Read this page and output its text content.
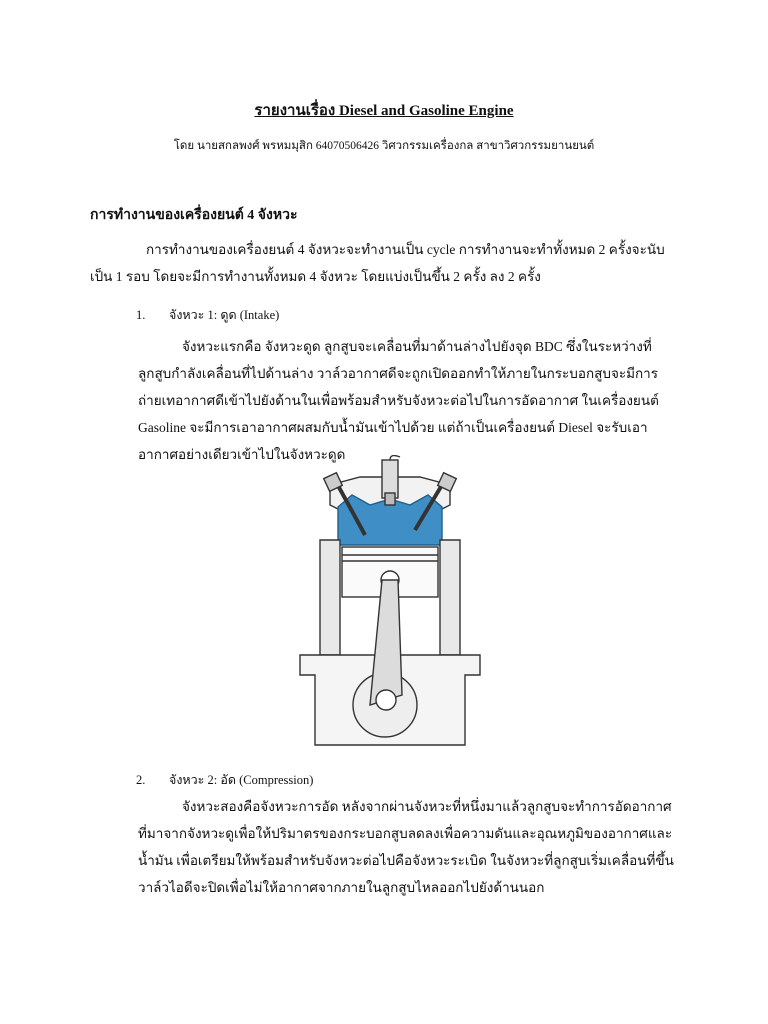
รายงานเรื่อง Diesel and Gasoline Engine
โดย นายสกลพงศ์ พรหมมุสิก 64070506426 วิศวกรรมเครื่องกล สาขาวิศวกรรมยานยนต์
การทำงานของเครื่องยนต์ 4 จังหวะ
การทำงานของเครื่องยนต์ 4 จังหวะจะทำงานเป็น cycle การทำงานจะทำทั้งหมด 2 ครั้งจะนับเป็น 1 รอบ โดยจะมีการทำงานทั้งหมด 4 จังหวะ โดยแบ่งเป็นขึ้น 2 ครั้ง ลง 2 ครั้ง
1. จังหวะ 1: ดูด (Intake)
จังหวะแรกคือ จังหวะดูด ลูกสูบจะเคลื่อนที่มาด้านล่างไปยังจุด BDC ซึ่งในระหว่างที่ลูกสูบกำลังเคลื่อนที่ไปด้านล่าง วาล์วอากาศดีจะถูกเปิดออกทำให้ภายในกระบอกสูบจะมีการถ่ายเทอากาศดีเข้าไปยังด้านในเพื่อพร้อมสำหรับจังหวะต่อไปในการอัดอากาศ ในเครื่องยนต์ Gasoline จะมีการเอาอากาศผสมกับน้ำมันเข้าไปด้วย แต่ถ้าเป็นเครื่องยนต์ Diesel จะรับเอาอากาศอย่างเดียวเข้าไปในจังหวะดูด
2. จังหวะ 2: อัด (Compression)
จังหวะสองคือจังหวะการอัด หลังจากผ่านจังหวะที่หนึ่งมาแล้วลูกสูบจะทำการอัดอากาศที่มาจากจังหวะดูเพื่อให้ปริมาตรของกระบอกสูบลดลงเพื่อความดันและอุณหภูมิของอากาศและน้ำมัน เพื่อเตรียมให้พร้อมสำหรับจังหวะต่อไปคือจังหวะระเบิด ในจังหวะที่ลูกสูบเริ่มเคลื่อนที่ขึ้นวาล์วไอดีจะปิดเพื่อไม่ให้อากาศจากภายในลูกสูบไหลออกไปยังด้านนอก
